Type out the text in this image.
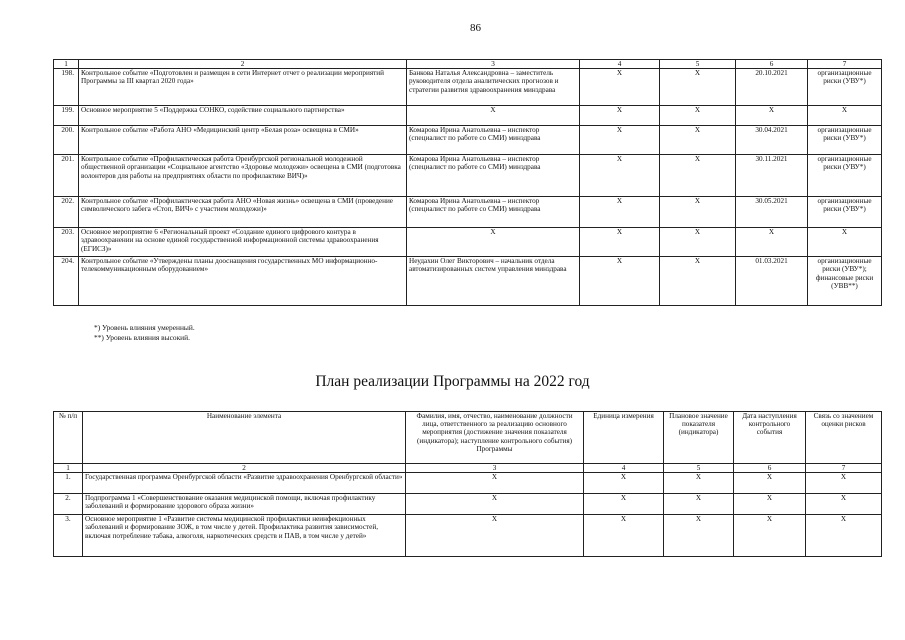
86
1	2	3	4	5	6	7
198.	Контрольное событие «Подготовлен и размещен в сети Интернет отчет о реализации мероприятий Программы за III квартал 2020 года»	Банкова Наталья Александровна – заместитель руководителя отдела аналитических прогнозов и стратегии развития здравоохранения минздрава	Х	Х	20.10.2021	организационные риски (УВУ*)
199.	Основное мероприятие 5 «Поддержка СОНКО, содействие социального партнерства»	Х	Х	Х	Х	Х
200.	Контрольное событие «Работа АНО «Медицинский центр «Белая роза» освещена в СМИ»	Комарова Ирина Анатольевна – инспектор (специалист по работе со СМИ) минздрава	Х	Х	30.04.2021	организационные риски (УВУ*)
201.	Контрольное событие «Профилактическая работа Оренбургской региональной молодежной общественной организации «Социальное агентство «Здоровье молодежи» освещена в СМИ (подготовка волонтеров для работы на предприятиях области по профилактике ВИЧ)»	Комарова Ирина Анатольевна – инспектор (специалист по работе со СМИ) минздрава	Х	Х	30.11.2021	организационные риски (УВУ*)
202.	Контрольное событие «Профилактическая работа АНО «Новая жизнь» освещена в СМИ (проведение символического забега «Стоп, ВИЧ» с участием молодежи)»	Комарова Ирина Анатольевна – инспектор (специалист по работе со СМИ) минздрава	Х	Х	30.05.2021	организационные риски (УВУ*)
203.	Основное мероприятие 6 «Региональный проект «Создание единого цифрового контура в здравоохранении на основе единой государственной информационной системы здравоохранения (ЕГИСЗ)»	Х	Х	Х	Х	Х
204.	Контрольное событие «Утверждены планы дооснащения государственных МО информационно-телекоммуникационным оборудованием»	Неудахин Олег Викторович – начальник отдела автоматизированных систем управления минздрава	Х	Х	01.03.2021	организационные риски (УВУ*); финансовые риски (УВВ**)
*) Уровень влияния умеренный.
**) Уровень влияния высокий.
План реализации Программы на 2022 год
№ п/п	Наименование элемента	Фамилия, имя, отчество, наименование должности лица, ответственного за реализацию основного мероприятия (достижение значения показателя (индикатора); наступление контрольного события) Программы	Единица измерения	Плановое значение показателя (индикатора)	Дата наступления контрольного события	Связь со значением оценки рисков
1	2	3	4	5	6	7
1.	Государственная программа Оренбургской области «Развитие здравоохранения Оренбургской области»	Х	Х	Х	Х	Х
2.	Подпрограмма 1 «Совершенствование оказания медицинской помощи, включая профилактику заболеваний и формирование здорового образа жизни»	Х	Х	Х	Х	Х
3.	Основное мероприятие 1 «Развитие системы медицинской профилактики неинфекционных заболеваний и формирование ЗОЖ, в том числе у детей. Профилактика развития зависимостей, включая потребление табака, алкоголя, наркотических средств и ПАВ, в том числе у детей»	Х	Х	Х	Х	Х
